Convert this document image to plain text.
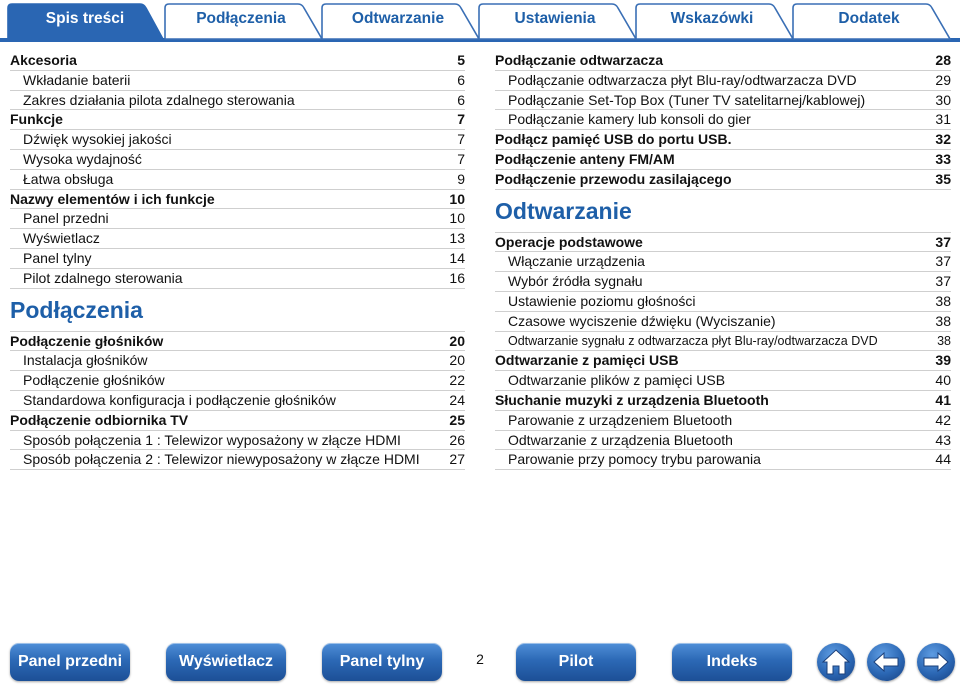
Spis treści	Podłączenia	Odtwarzanie	Ustawienia	Wskazówki	Dodatek
Akcesoria	5
Wkładanie baterii	6
Zakres działania pilota zdalnego sterowania	6
Funkcje	7
Dźwięk wysokiej jakości	7
Wysoka wydajność	7
Łatwa obsługa	9
Nazwy elementów i ich funkcje	10
Panel przedni	10
Wyświetlacz	13
Panel tylny	14
Pilot zdalnego sterowania	16
Podłączenia
Podłączenie głośników	20
Instalacja głośników	20
Podłączenie głośników	22
Standardowa konfiguracja i podłączenie głośników	24
Podłączenie odbiornika TV	25
Sposób połączenia 1 : Telewizor wyposażony w złącze HDMI	26
Sposób połączenia 2 : Telewizor niewyposażony w złącze HDMI 27
Podłączanie odtwarzacza	28
Podłączanie odtwarzacza płyt Blu-ray/odtwarzacza DVD	29
Podłączanie Set-Top Box (Tuner TV satelitarnej/kablowej)	30
Podłączanie kamery lub konsoli do gier	31
Podłącz pamięć USB do portu USB.	32
Podłączenie anteny FM/AM	33
Podłączenie przewodu zasilającego	35
Odtwarzanie
Operacje podstawowe	37
Włączanie urządzenia	37
Wybór źródła sygnału	37
Ustawienie poziomu głośności	38
Czasowe wyciszenie dźwięku (Wyciszanie)	38
Odtwarzanie sygnału z odtwarzacza płyt Blu-ray/odtwarzacza DVD	38
Odtwarzanie z pamięci USB	39
Odtwarzanie plików z pamięci USB	40
Słuchanie muzyki z urządzenia Bluetooth	41
Parowanie z urządzeniem Bluetooth	42
Odtwarzanie z urządzenia Bluetooth	43
Parowanie przy pomocy trybu parowania	44
Panel przedni	Wyświetlacz	Panel tylny	2	Pilot	Indeks
